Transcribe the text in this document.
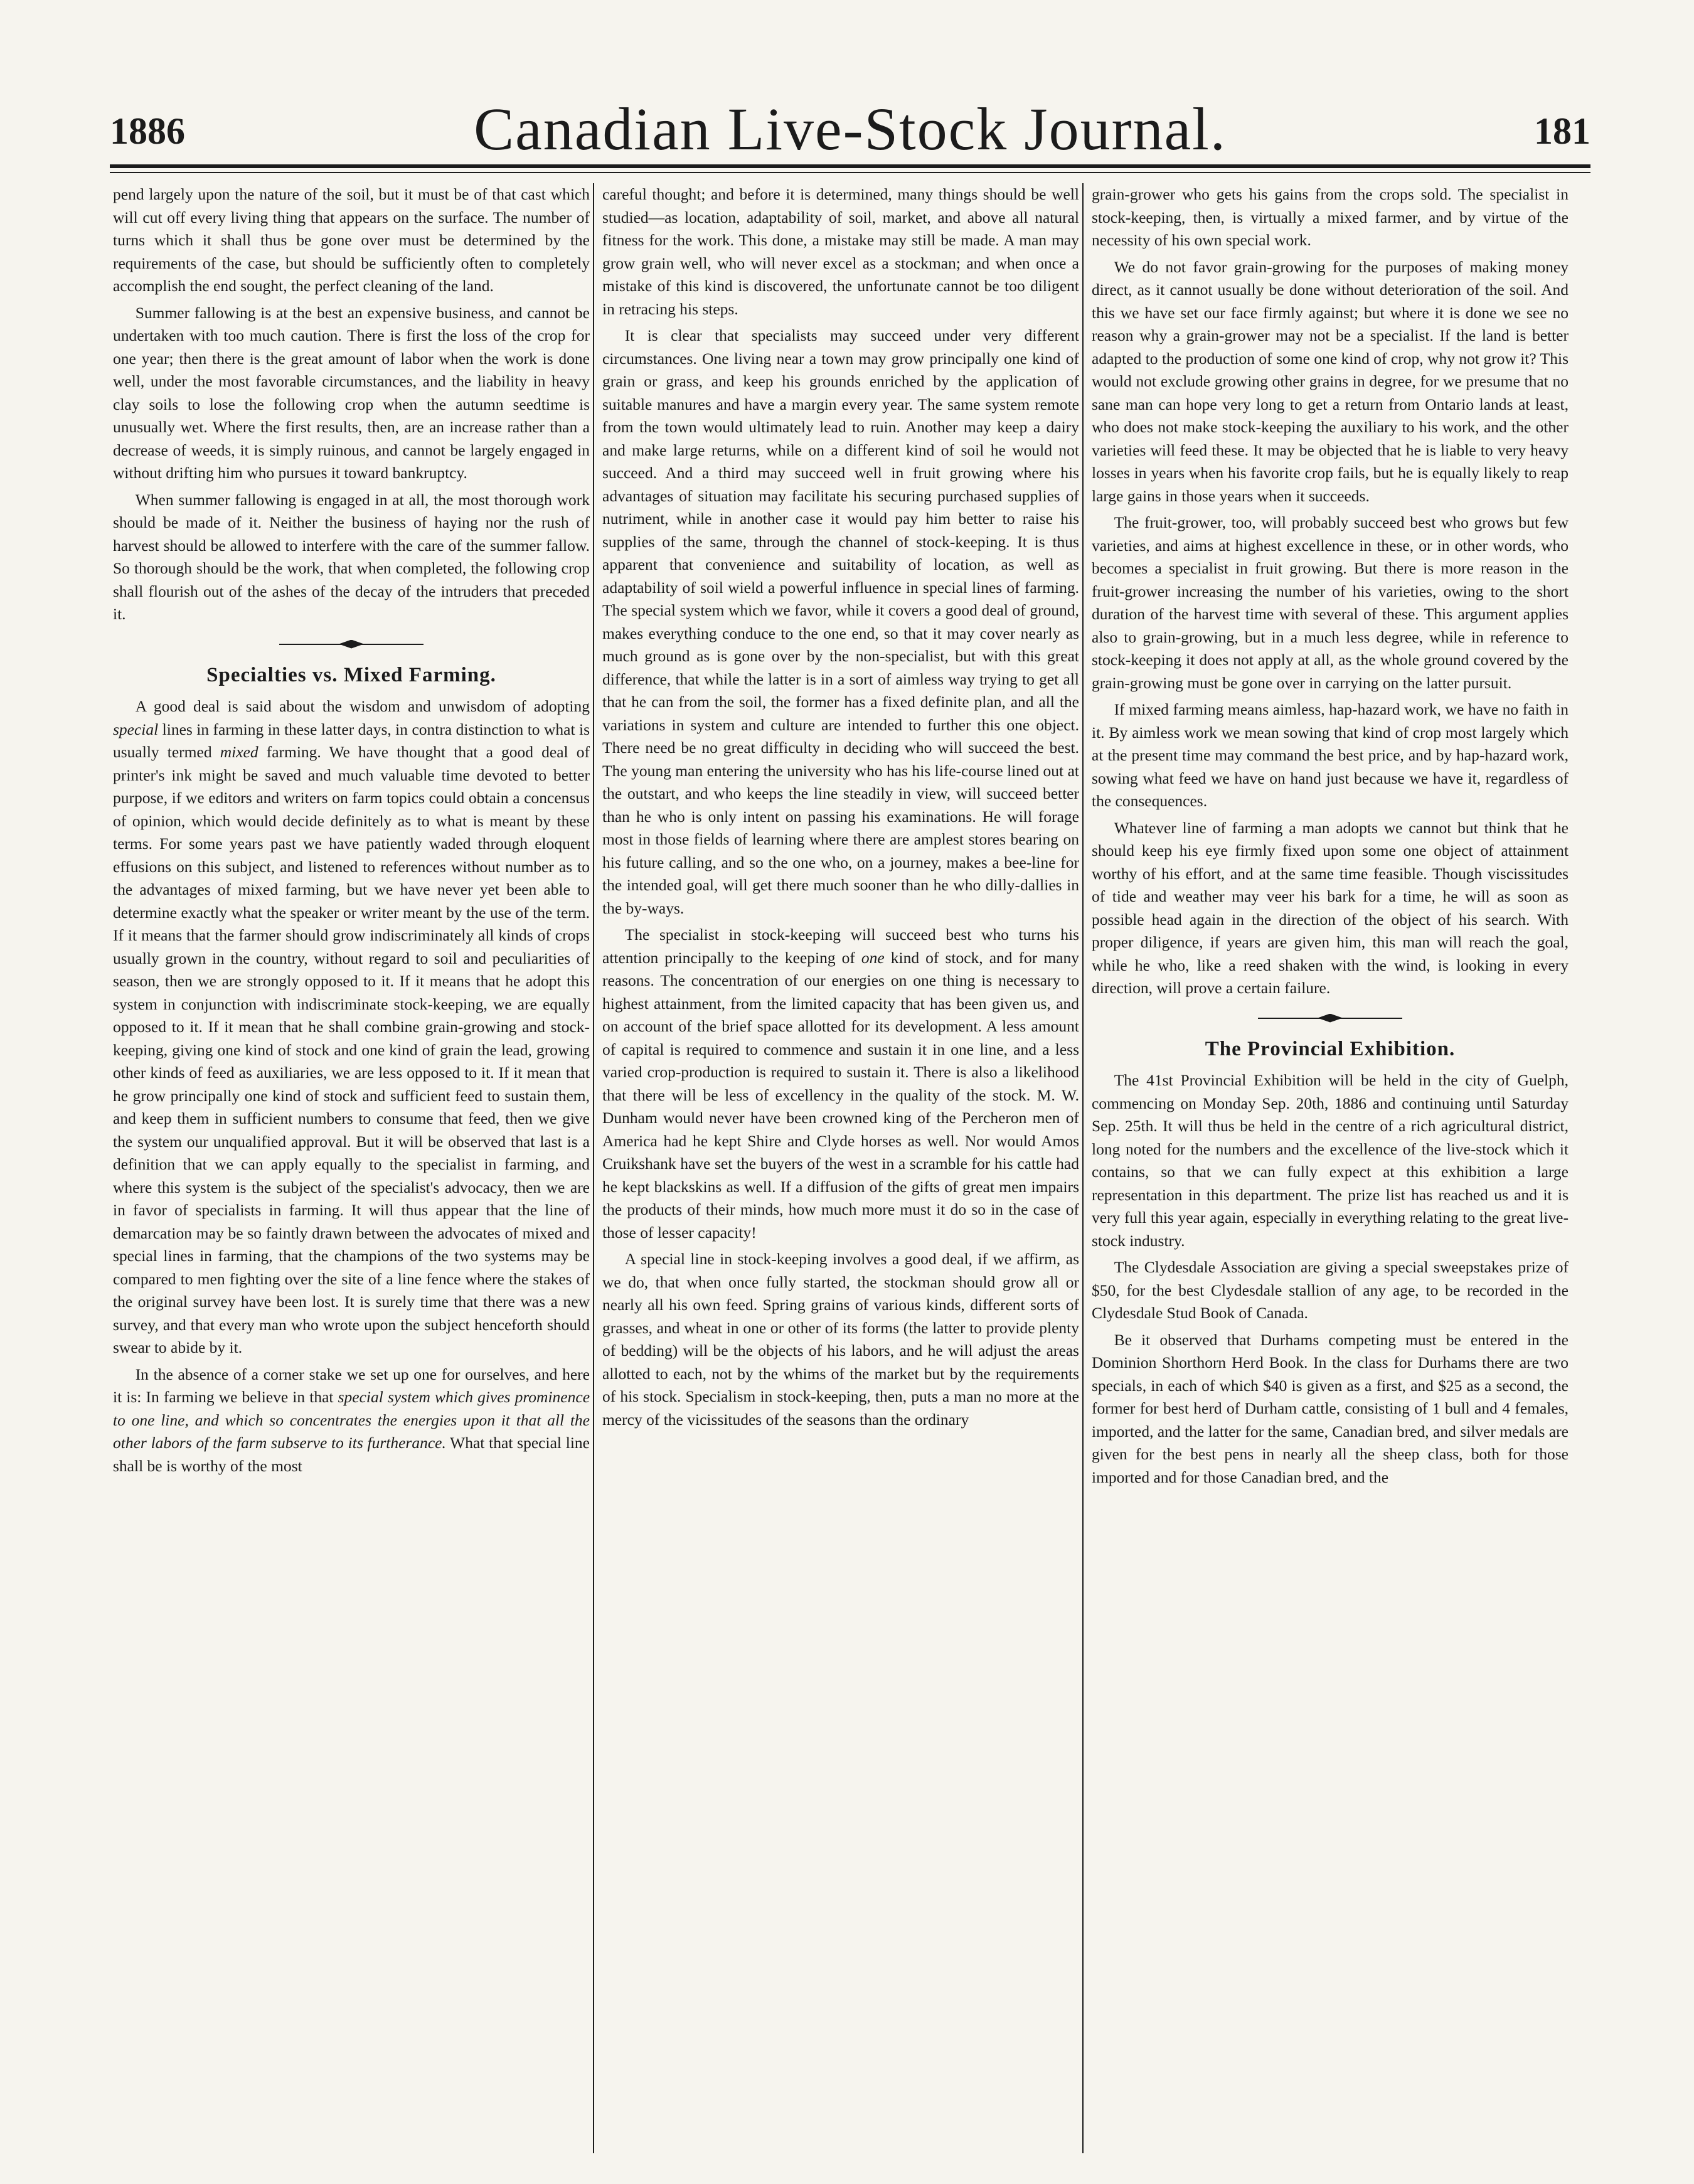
1886	Canadian Live-Stock Journal.	181

pend largely upon the nature of the soil, but it must be of that cast which will cut off every living thing that appears on the surface. The number of turns which it shall thus be gone over must be determined by the requirements of the case, but should be sufficiently often to completely accomplish the end sought, the perfect cleaning of the land.

Summer fallowing is at the best an expensive business, and cannot be undertaken with too much caution. There is first the loss of the crop for one year; then there is the great amount of labor when the work is done well, under the most favorable circumstances, and the liability in heavy clay soils to lose the following crop when the autumn seedtime is unusually wet. Where the first results, then, are an increase rather than a decrease of weeds, it is simply ruinous, and cannot be largely engaged in without drifting him who pursues it toward bankruptcy.

When summer fallowing is engaged in at all, the most thorough work should be made of it. Neither the business of haying nor the rush of harvest should be allowed to interfere with the care of the summer fallow. So thorough should be the work, that when completed, the following crop shall flourish out of the ashes of the decay of the intruders that preceded it.

Specialties vs. Mixed Farming.

A good deal is said about the wisdom and unwisdom of adopting special lines in farming in these latter days, in contra distinction to what is usually termed mixed farming. We have thought that a good deal of printer's ink might be saved and much valuable time devoted to better purpose, if we editors and writers on farm topics could obtain a concensus of opinion, which would decide definitely as to what is meant by these terms. For some years past we have patiently waded through eloquent effusions on this subject, and listened to references without number as to the advantages of mixed farming, but we have never yet been able to determine exactly what the speaker or writer meant by the use of the term. If it means that the farmer should grow indiscriminately all kinds of crops usually grown in the country, without regard to soil and peculiarities of season, then we are strongly opposed to it. If it means that he adopt this system in conjunction with indiscriminate stock-keeping, we are equally opposed to it. If it mean that he shall combine grain-growing and stock-keeping, giving one kind of stock and one kind of grain the lead, growing other kinds of feed as auxiliaries, we are less opposed to it. If it mean that he grow principally one kind of stock and sufficient feed to sustain them, and keep them in sufficient numbers to consume that feed, then we give the system our unqualified approval. But it will be observed that last is a definition that we can apply equally to the specialist in farming, and where this system is the subject of the specialist's advocacy, then we are in favor of specialists in farming. It will thus appear that the line of demarcation may be so faintly drawn between the advocates of mixed and special lines in farming, that the champions of the two systems may be compared to men fighting over the site of a line fence where the stakes of the original survey have been lost. It is surely time that there was a new survey, and that every man who wrote upon the subject henceforth should swear to abide by it.

In the absence of a corner stake we set up one for ourselves, and here it is: In farming we believe in that special system which gives prominence to one line, and which so concentrates the energies upon it that all the other labors of the farm subserve to its furtherance. What that special line shall be is worthy of the most

careful thought; and before it is determined, many things should be well studied—as location, adaptability of soil, market, and above all natural fitness for the work. This done, a mistake may still be made. A man may grow grain well, who will never excel as a stockman; and when once a mistake of this kind is discovered, the unfortunate cannot be too diligent in retracing his steps.

It is clear that specialists may succeed under very different circumstances. One living near a town may grow principally one kind of grain or grass, and keep his grounds enriched by the application of suitable manures and have a margin every year. The same system remote from the town would ultimately lead to ruin. Another may keep a dairy and make large returns, while on a different kind of soil he would not succeed. And a third may succeed well in fruit growing where his advantages of situation may facilitate his securing purchased supplies of nutriment, while in another case it would pay him better to raise his supplies of the same, through the channel of stock-keeping. It is thus apparent that convenience and suitability of location, as well as adaptability of soil wield a powerful influence in special lines of farming. The special system which we favor, while it covers a good deal of ground, makes everything conduce to the one end, so that it may cover nearly as much ground as is gone over by the non-specialist, but with this great difference, that while the latter is in a sort of aimless way trying to get all that he can from the soil, the former has a fixed definite plan, and all the variations in system and culture are intended to further this one object. There need be no great difficulty in deciding who will succeed the best. The young man entering the university who has his life-course lined out at the outstart, and who keeps the line steadily in view, will succeed better than he who is only intent on passing his examinations. He will forage most in those fields of learning where there are amplest stores bearing on his future calling, and so the one who, on a journey, makes a bee-line for the intended goal, will get there much sooner than he who dilly-dallies in the by-ways.

The specialist in stock-keeping will succeed best who turns his attention principally to the keeping of one kind of stock, and for many reasons. The concentration of our energies on one thing is necessary to highest attainment, from the limited capacity that has been given us, and on account of the brief space allotted for its development. A less amount of capital is required to commence and sustain it in one line, and a less varied crop-production is required to sustain it. There is also a likelihood that there will be less of excellency in the quality of the stock. M. W. Dunham would never have been crowned king of the Percheron men of America had he kept Shire and Clyde horses as well. Nor would Amos Cruikshank have set the buyers of the west in a scramble for his cattle had he kept blackskins as well. If a diffusion of the gifts of great men impairs the products of their minds, how much more must it do so in the case of those of lesser capacity!

A special line in stock-keeping involves a good deal, if we affirm, as we do, that when once fully started, the stockman should grow all or nearly all his own feed. Spring grains of various kinds, different sorts of grasses, and wheat in one or other of its forms (the latter to provide plenty of bedding) will be the objects of his labors, and he will adjust the areas allotted to each, not by the whims of the market but by the requirements of his stock. Specialism in stock-keeping, then, puts a man no more at the mercy of the vicissitudes of the seasons than the ordinary

grain-grower who gets his gains from the crops sold. The specialist in stock-keeping, then, is virtually a mixed farmer, and by virtue of the necessity of his own special work.

We do not favor grain-growing for the purposes of making money direct, as it cannot usually be done without deterioration of the soil. And this we have set our face firmly against; but where it is done we see no reason why a grain-grower may not be a specialist. If the land is better adapted to the production of some one kind of crop, why not grow it? This would not exclude growing other grains in degree, for we presume that no sane man can hope very long to get a return from Ontario lands at least, who does not make stock-keeping the auxiliary to his work, and the other varieties will feed these. It may be objected that he is liable to very heavy losses in years when his favorite crop fails, but he is equally likely to reap large gains in those years when it succeeds.

The fruit-grower, too, will probably succeed best who grows but few varieties, and aims at highest excellence in these, or in other words, who becomes a specialist in fruit growing. But there is more reason in the fruit-grower increasing the number of his varieties, owing to the short duration of the harvest time with several of these. This argument applies also to grain-growing, but in a much less degree, while in reference to stock-keeping it does not apply at all, as the whole ground covered by the grain-growing must be gone over in carrying on the latter pursuit.

If mixed farming means aimless, hap-hazard work, we have no faith in it. By aimless work we mean sowing that kind of crop most largely which at the present time may command the best price, and by hap-hazard work, sowing what feed we have on hand just because we have it, regardless of the consequences.

Whatever line of farming a man adopts we cannot but think that he should keep his eye firmly fixed upon some one object of attainment worthy of his effort, and at the same time feasible. Though viscissitudes of tide and weather may veer his bark for a time, he will as soon as possible head again in the direction of the object of his search. With proper diligence, if years are given him, this man will reach the goal, while he who, like a reed shaken with the wind, is looking in every direction, will prove a certain failure.

The Provincial Exhibition.

The 41st Provincial Exhibition will be held in the city of Guelph, commencing on Monday Sep. 20th, 1886 and continuing until Saturday Sep. 25th. It will thus be held in the centre of a rich agricultural district, long noted for the numbers and the excellence of the live-stock which it contains, so that we can fully expect at this exhibition a large representation in this department. The prize list has reached us and it is very full this year again, especially in everything relating to the great live-stock industry.

The Clydesdale Association are giving a special sweepstakes prize of $50, for the best Clydesdale stallion of any age, to be recorded in the Clydesdale Stud Book of Canada.

Be it observed that Durhams competing must be entered in the Dominion Shorthorn Herd Book. In the class for Durhams there are two specials, in each of which $40 is given as a first, and $25 as a second, the former for best herd of Durham cattle, consisting of 1 bull and 4 females, imported, and the latter for the same, Canadian bred, and silver medals are given for the best pens in nearly all the sheep class, both for those imported and for those Canadian bred, and the
